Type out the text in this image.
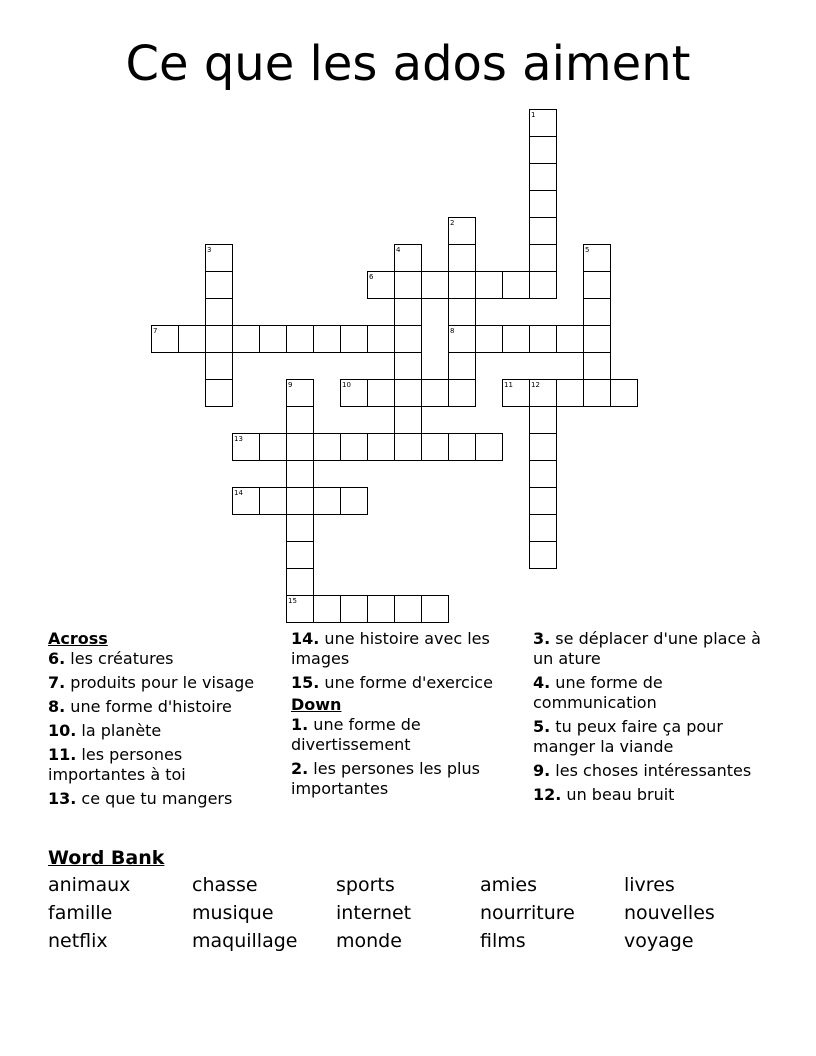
Ce que les ados aiment
1
2
3	4	5
6
7	8
9	10	11	12
13
14
15
Across
6. les créatures
7. produits pour le visage
8. une forme d'histoire
10. la planète
11. les persones importantes à toi
13. ce que tu mangers
14. une histoire avec les images
15. une forme d'exercice
Down
1. une forme de divertissement
2. les persones les plus importantes
3. se déplacer d'une place à un ature
4. une forme de communication
5. tu peux faire ça pour manger la viande
9. les choses intéressantes
12. un beau bruit
Word Bank
animaux	chasse	sports	amies	livres
famille	musique	internet	nourriture	nouvelles
netflix	maquillage	monde	films	voyage
